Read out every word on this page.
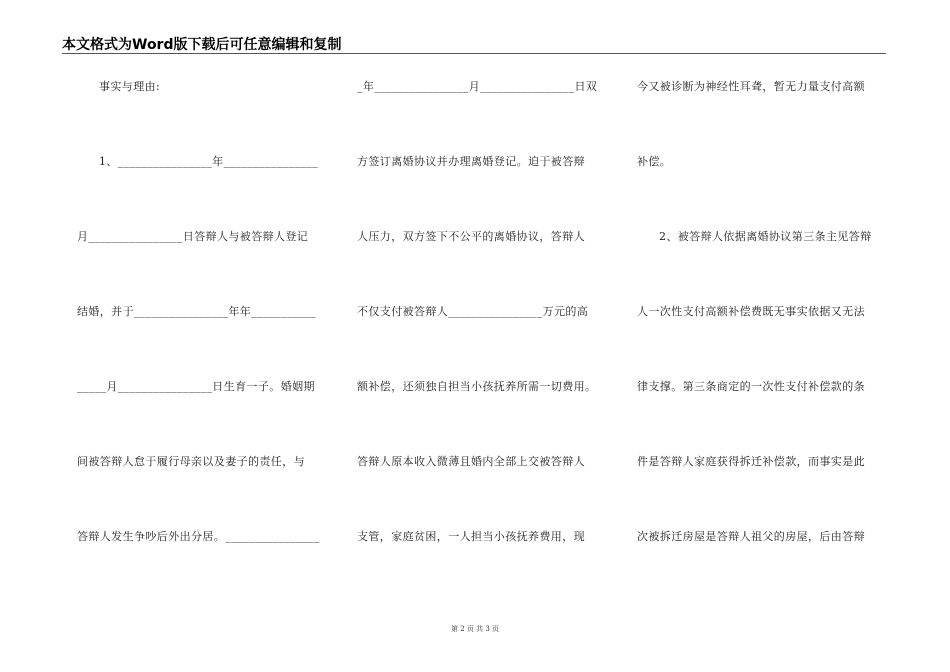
本文格式为Word版下载后可任意编辑和复制
事实与理由:
1、________________年________________
月________________日答辩人与被答辩人登记
结婚，并于________________年年___________
_____月________________日生育一子。婚姻期
间被答辩人怠于履行母亲以及妻子的责任，与
答辩人发生争吵后外出分居。________________
_年________________月________________日双
方签订离婚协议并办理离婚登记。迫于被答辩
人压力，双方签下不公平的离婚协议，答辩人
不仅支付被答辩人________________万元的高
额补偿，还须独自担当小孩抚养所需一切费用。
答辩人原本收入微薄且婚内全部上交被答辩人
支管，家庭贫困，一人担当小孩抚养费用，现
今又被诊断为神经性耳聋，暂无力量支付高额
补偿。
2、被答辩人依据离婚协议第三条主见答辩
人一次性支付高额补偿费既无事实依据又无法
律支撑。第三条商定的一次性支付补偿款的条
件是答辩人家庭获得拆迁补偿款，而事实是此
次被拆迁房屋是答辩人祖父的房屋，后由答辩
第 2 页 共 3 页
